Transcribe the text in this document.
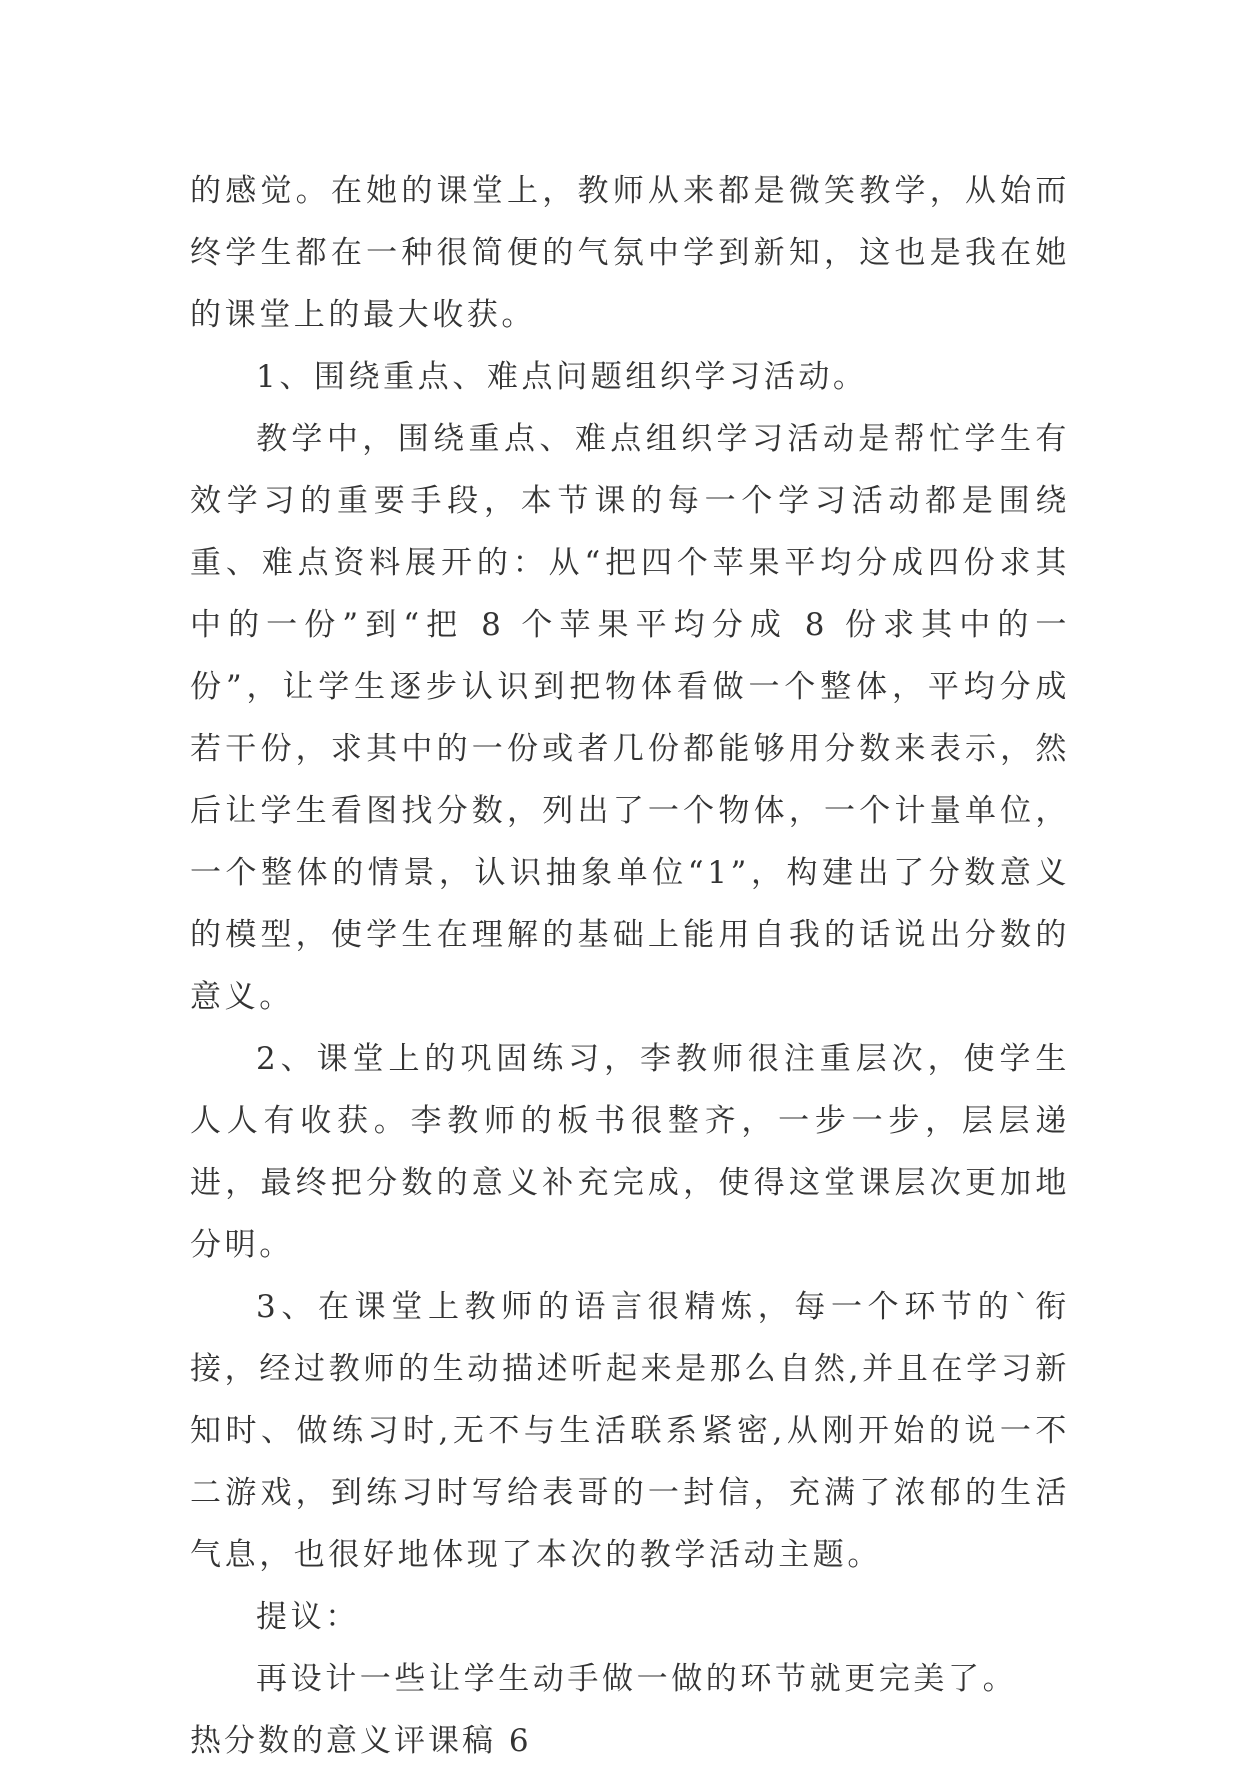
的感觉。在她的课堂上，教师从来都是微笑教学，从始而终学生都在一种很简便的气氛中学到新知，这也是我在她的课堂上的最大收获。

1、围绕重点、难点问题组织学习活动。

教学中，围绕重点、难点组织学习活动是帮忙学生有效学习的重要手段，本节课的每一个学习活动都是围绕重、难点资料展开的：从“把四个苹果平均分成四份求其中的一份”到“把 8 个苹果平均分成 8 份求其中的一份”，让学生逐步认识到把物体看做一个整体，平均分成若干份，求其中的一份或者几份都能够用分数来表示，然后让学生看图找分数，列出了一个物体，一个计量单位，一个整体的情景，认识抽象单位“1”，构建出了分数意义的模型，使学生在理解的基础上能用自我的话说出分数的意义。

2、课堂上的巩固练习，李教师很注重层次，使学生人人有收获。李教师的板书很整齐，一步一步，层层递进，最终把分数的意义补充完成，使得这堂课层次更加地分明。

3、在课堂上教师的语言很精炼，每一个环节的`衔接，经过教师的生动描述听起来是那么自然,并且在学习新知时、做练习时,无不与生活联系紧密,从刚开始的说一不二游戏，到练习时写给表哥的一封信，充满了浓郁的生活气息，也很好地体现了本次的教学活动主题。

提议：

再设计一些让学生动手做一做的环节就更完美了。

热分数的意义评课稿 6
